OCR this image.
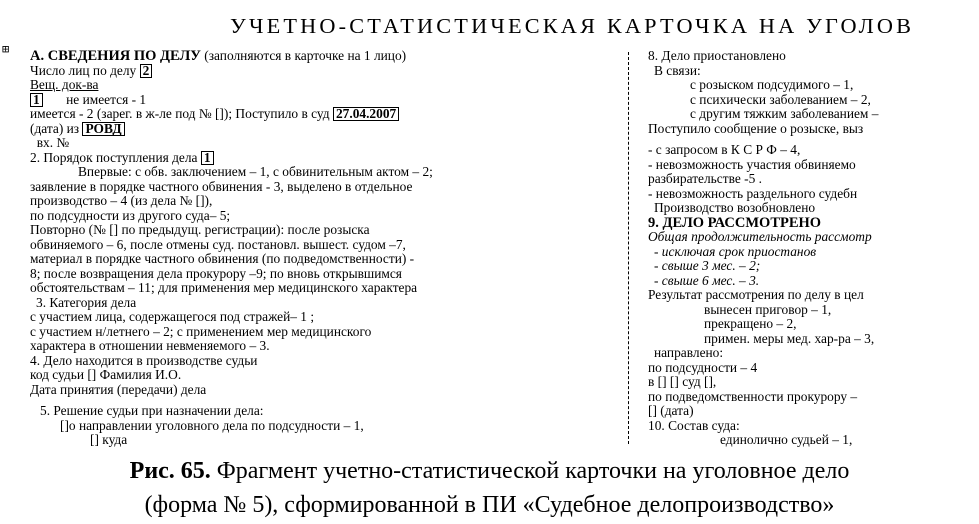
УЧЕТНО-СТАТИСТИЧЕСКАЯ КАРТОЧКА НА УГОЛОВ
⊞	А. СВЕДЕНИЯ ПО ДЕЛУ (заполняются в карточке на 1 лицо)
Число лиц по делу 2
Вещ. док-ва
1 не имеется - 1
имеется - 2 (зарег. в ж-ле под № []); Поступило в суд 27.04.2007
(дата) из РОВД
вх. №
2. Порядок поступления дела 1
Впервые: с обв. заключением – 1, с обвинительным актом – 2;
заявление в порядке частного обвинения - 3, выделено в отдельное
производство – 4 (из дела № []),
по подсудности из другого суда– 5;
Повторно (№ [] по предыдущ. регистрации): после розыска
обвиняемого – 6, после отмены суд. постановл. вышест. судом –7,
материал в порядке частного обвинения (по подведомственности) -
8; после возвращения дела прокурору –9; по вновь открывшимся
обстоятельствам – 11; для применения мер медицинского характера
3. Категория дела
с участием лица, содержащегося под стражей– 1 ;
с участием н/летнего – 2; с применением мер медицинского
характера в отношении невменяемого – 3.
4. Дело находится в производстве судьи
код судьи [] Фамилия И.О.
Дата принятия (передачи) дела
5. Решение судьи при назначении дела:
[]о направлении уголовного дела по подсудности – 1,
[] куда
8. Дело приостановлено
В связи:
с розыском подсудимого – 1,
с психически заболеванием – 2,
с другим тяжким заболеванием –
Поступило сообщение о розыске, выз
- с запросом в К С Р Ф – 4,
- невозможность участия обвиняемо
разбирательстве -5 .
- невозможность раздельного судебн
Производство возобновлено
9. ДЕЛО РАССМОТРЕНО
Общая продолжительность рассмотр
- исключая срок приостанов
- свыше 3 мес. – 2;
- свыше 6 мес. – 3.
Результат рассмотрения по делу в цел
вынесен приговор – 1,
прекращено – 2,
примен. меры мед. хар-ра – 3,
направлено:
по подсудности – 4
в [] [] суд [],
по подведомственности прокурору –
[] (дата)
10. Состав суда:
единолично судьей – 1,
Рис. 65. Фрагмент учетно-статистической карточки на уголовное дело
(форма № 5), сформированной в ПИ «Судебное делопроизводство»
